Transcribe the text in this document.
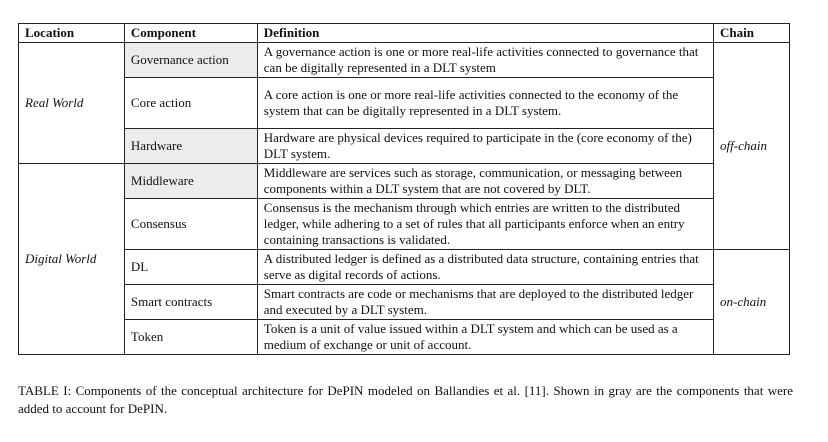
Location	Component	Definition	Chain
Real World	Governance action	A governance action is one or more real-life activities connected to governance that can be digitally represented in a DLT system	off-chain
	Core action	A core action is one or more real-life activities connected to the economy of the system that can be digitally represented in a DLT system.	
	Hardware	Hardware are physical devices required to participate in the (core economy of the) DLT system.	
Digital World	Middleware	Middleware are services such as storage, communication, or messaging between components within a DLT system that are not covered by DLT.	
	Consensus	Consensus is the mechanism through which entries are written to the distributed ledger, while adhering to a set of rules that all participants enforce when an entry containing transactions is validated.	
	DL	A distributed ledger is defined as a distributed data structure, containing entries that serve as digital records of actions.	on-chain
	Smart contracts	Smart contracts are code or mechanisms that are deployed to the distributed ledger and executed by a DLT system.	
	Token	Token is a unit of value issued within a DLT system and which can be used as a medium of exchange or unit of account.	
TABLE I: Components of the conceptual architecture for DePIN modeled on Ballandies et al. [11]. Shown in gray are the components that were added to account for DePIN.
